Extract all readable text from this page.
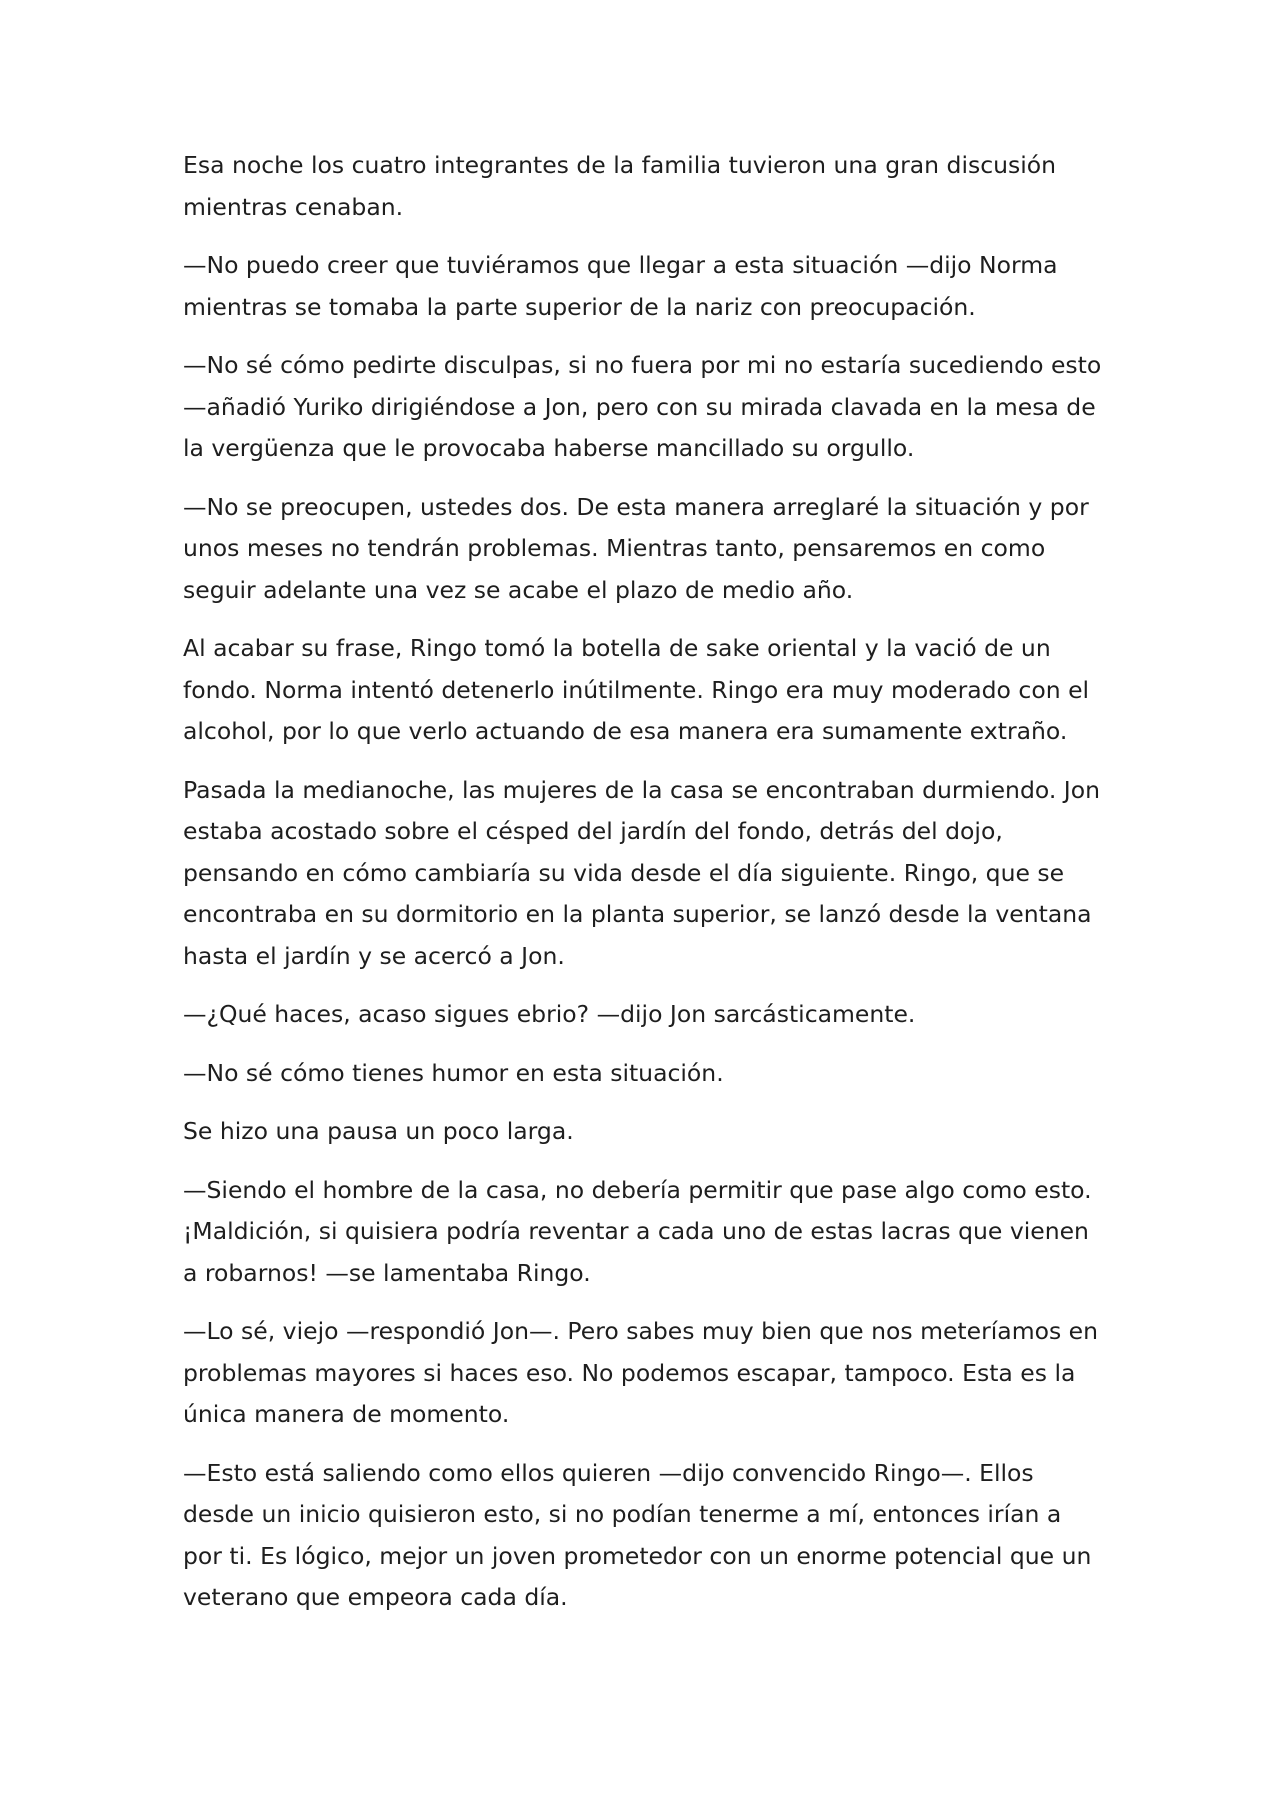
Esa noche los cuatro integrantes de la familia tuvieron una gran discusión mientras cenaban.

—No puedo creer que tuviéramos que llegar a esta situación —dijo Norma mientras se tomaba la parte superior de la nariz con preocupación.

—No sé cómo pedirte disculpas, si no fuera por mi no estaría sucediendo esto —añadió Yuriko dirigiéndose a Jon, pero con su mirada clavada en la mesa de la vergüenza que le provocaba haberse mancillado su orgullo.

—No se preocupen, ustedes dos. De esta manera arreglaré la situación y por unos meses no tendrán problemas. Mientras tanto, pensaremos en como seguir adelante una vez se acabe el plazo de medio año.

Al acabar su frase, Ringo tomó la botella de sake oriental y la vació de un fondo. Norma intentó detenerlo inútilmente. Ringo era muy moderado con el alcohol, por lo que verlo actuando de esa manera era sumamente extraño.

Pasada la medianoche, las mujeres de la casa se encontraban durmiendo. Jon estaba acostado sobre el césped del jardín del fondo, detrás del dojo, pensando en cómo cambiaría su vida desde el día siguiente. Ringo, que se encontraba en su dormitorio en la planta superior, se lanzó desde la ventana hasta el jardín y se acercó a Jon.

—¿Qué haces, acaso sigues ebrio? —dijo Jon sarcásticamente.

—No sé cómo tienes humor en esta situación.

Se hizo una pausa un poco larga.

—Siendo el hombre de la casa, no debería permitir que pase algo como esto. ¡Maldición, si quisiera podría reventar a cada uno de estas lacras que vienen a robarnos! —se lamentaba Ringo.

—Lo sé, viejo —respondió Jon—. Pero sabes muy bien que nos meteríamos en problemas mayores si haces eso. No podemos escapar, tampoco. Esta es la única manera de momento.

—Esto está saliendo como ellos quieren —dijo convencido Ringo—. Ellos desde un inicio quisieron esto, si no podían tenerme a mí, entonces irían a por ti. Es lógico, mejor un joven prometedor con un enorme potencial que un veterano que empeora cada día.
